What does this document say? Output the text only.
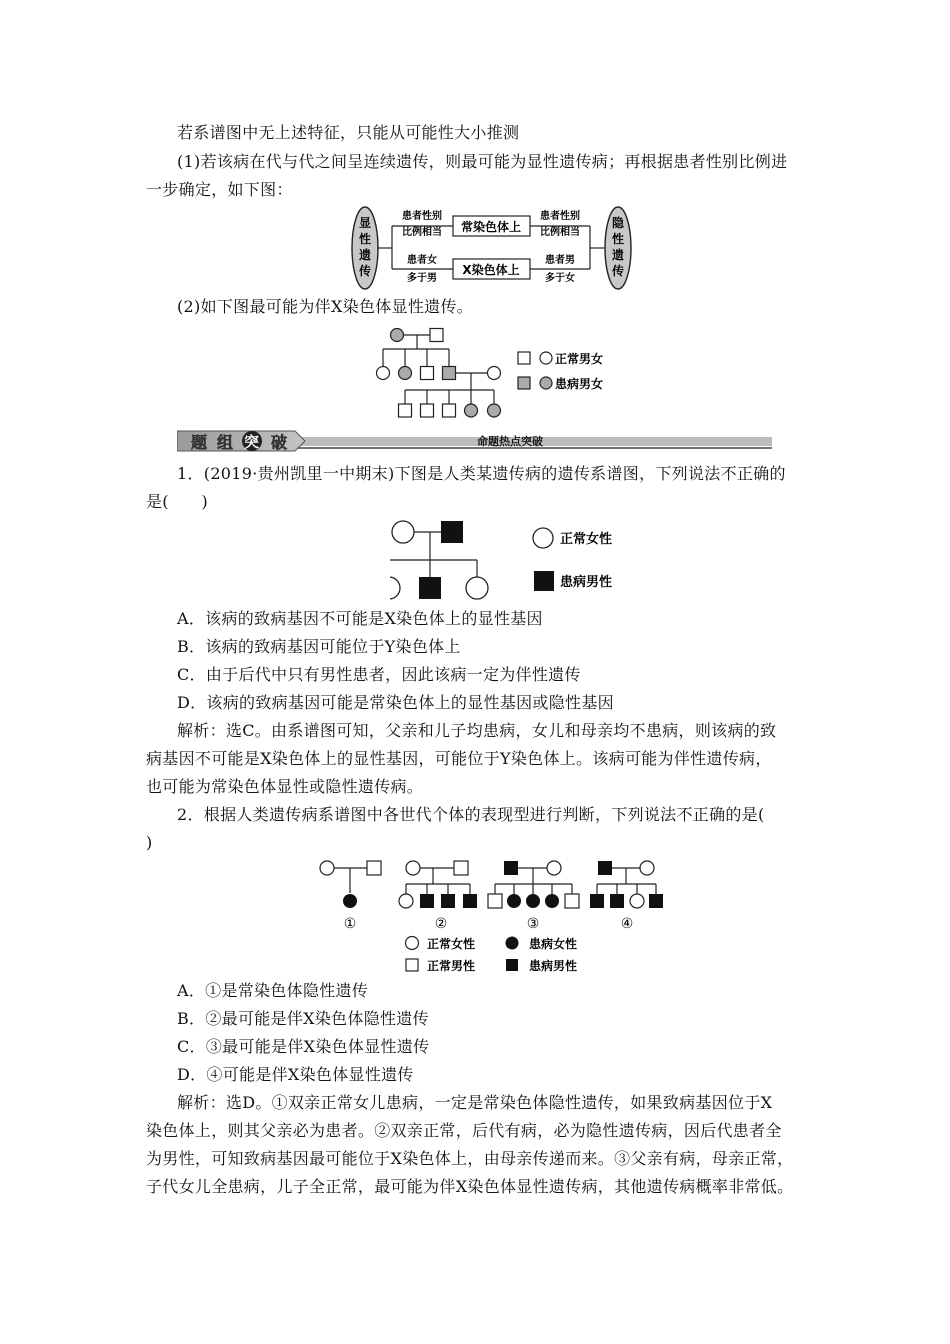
若系谱图中无上述特征，只能从可能性大小推测
(1)若该病在代与代之间呈连续遗传，则最可能为显性遗传病；再根据患者性别比例进
一步确定，如下图：
显
性
遗
传
隐
性
遗
传
常染色体上
X染色体上
患者性别
比例相当
患者性别
比例相当
患者女
多于男
患者男
多于女
(2)如下图最可能为伴X染色体显性遗传。
正常男女
患病男女
题 组 突 破	命题热点突破
1．(2019·贵州凯里一中期末)下图是人类某遗传病的遗传系谱图，下列说法不正确的
是(　　)
正常女性
患病男性
A．该病的致病基因不可能是X染色体上的显性基因
B．该病的致病基因可能位于Y染色体上
C．由于后代中只有男性患者，因此该病一定为伴性遗传
D．该病的致病基因可能是常染色体上的显性基因或隐性基因
解析：选C。由系谱图可知，父亲和儿子均患病，女儿和母亲均不患病，则该病的致
病基因不可能是X染色体上的显性基因，可能位于Y染色体上。该病可能为伴性遗传病，
也可能为常染色体显性或隐性遗传病。
2．根据人类遗传病系谱图中各世代个体的表现型进行判断，下列说法不正确的是(
)
①	②	③	④
正常女性	患病女性
正常男性	患病男性
A．①是常染色体隐性遗传
B．②最可能是伴X染色体隐性遗传
C．③最可能是伴X染色体显性遗传
D．④可能是伴X染色体显性遗传
解析：选D。①双亲正常女儿患病，一定是常染色体隐性遗传，如果致病基因位于X
染色体上，则其父亲必为患者。②双亲正常，后代有病，必为隐性遗传病，因后代患者全
为男性，可知致病基因最可能位于X染色体上，由母亲传递而来。③父亲有病，母亲正常，
子代女儿全患病，儿子全正常，最可能为伴X染色体显性遗传病，其他遗传病概率非常低。
